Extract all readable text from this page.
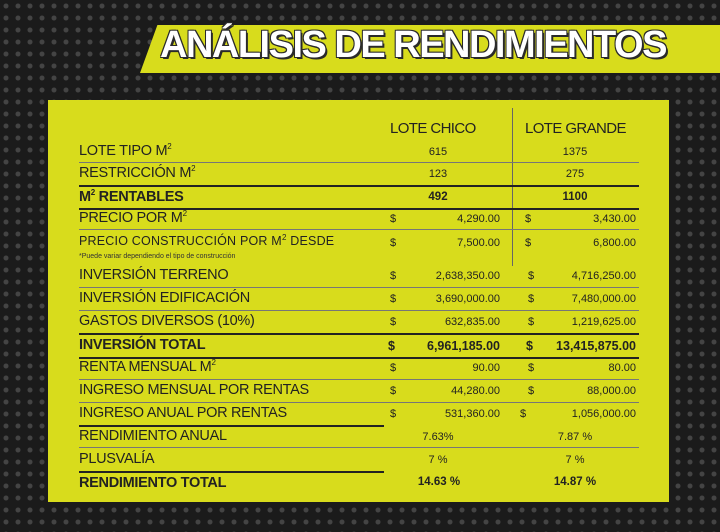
ANÁLISIS DE RENDIMIENTOS
LOTE CHICO	LOTE GRANDE
LOTE TIPO $M^2$	615	1375
RESTRICCIÓN $M^2$	123	275
$M^2$ RENTABLES	492	1100
PRECIO POR $M^2$	$	4,290.00 $	3,430.00
PRECIO CONSTRUCCIÓN POR $M^2$ DESDE
*Puede variar dependiendo el tipo de construcción
$	7,500.00 $	6,800.00
INVERSIÓN TERRENO	$	2,638,350.00	$	4,716,250.00
INVERSIÓN EDIFICACIÓN	$	3,690,000.00	$	7,480,000.00
GASTOS DIVERSOS (10%)	$	632,835.00	$	1,219,625.00
INVERSIÓN TOTAL	$	6,961,185.00 $	13,415,875.00
RENTA MENSUAL $M^2$	$	90.00	$	80.00
INGRESO MENSUAL POR RENTAS	$	44,280.00	$	88,000.00
INGRESO ANUAL POR RENTAS	$	531,360.00 $	1,056,000.00
RENDIMIENTO ANUAL	7.63%	7.87 %
PLUSVALÍA	7 %	7 %
RENDIMIENTO TOTAL	14.63 %	14.87 %
